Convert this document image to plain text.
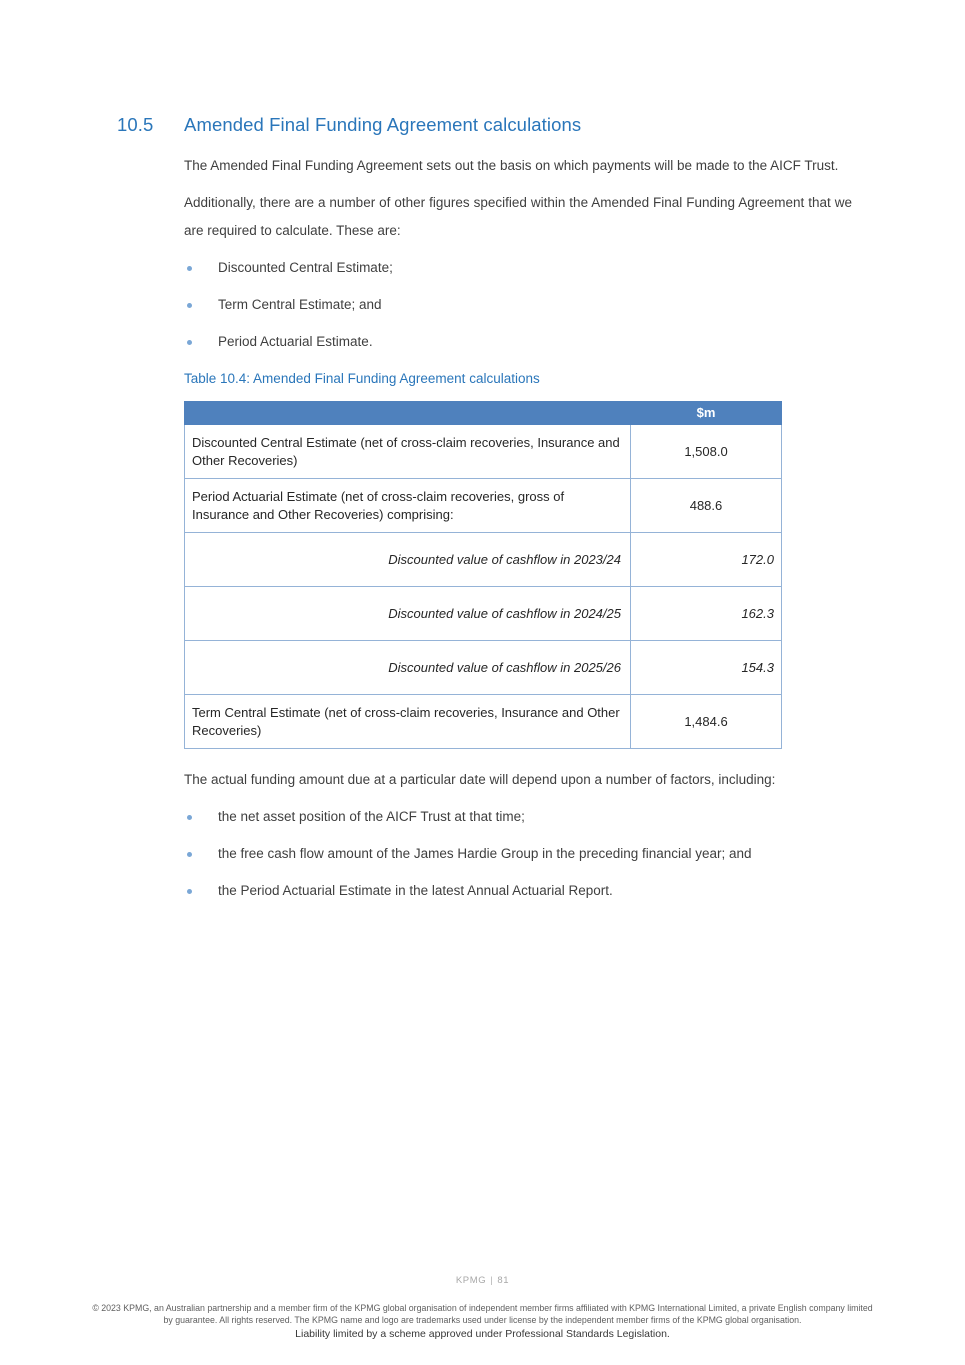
10.5	Amended Final Funding Agreement calculations

The Amended Final Funding Agreement sets out the basis on which payments will be made to the AICF Trust.

Additionally, there are a number of other figures specified within the Amended Final Funding Agreement that we are required to calculate. These are:

Discounted Central Estimate;
Term Central Estimate; and
Period Actuarial Estimate.
Table 10.4: Amended Final Funding Agreement calculations
	$m
Discounted Central Estimate (net of cross-claim recoveries, Insurance and Other Recoveries)	1,508.0
Period Actuarial Estimate (net of cross-claim recoveries, gross of Insurance and Other Recoveries) comprising:	488.6
Discounted value of cashflow in 2023/24	172.0
Discounted value of cashflow in 2024/25	162.3
Discounted value of cashflow in 2025/26	154.3
Term Central Estimate (net of cross-claim recoveries, Insurance and Other Recoveries)	1,484.6

The actual funding amount due at a particular date will depend upon a number of factors, including:

the net asset position of the AICF Trust at that time;
the free cash flow amount of the James Hardie Group in the preceding financial year; and
the Period Actuarial Estimate in the latest Annual Actuarial Report.
KPMG | 81
© 2023 KPMG, an Australian partnership and a member firm of the KPMG global organisation of independent member firms affiliated with KPMG International Limited, a private English company limited by guarantee. All rights reserved. The KPMG name and logo are trademarks used under license by the independent member firms of the KPMG global organisation.
Liability limited by a scheme approved under Professional Standards Legislation.
